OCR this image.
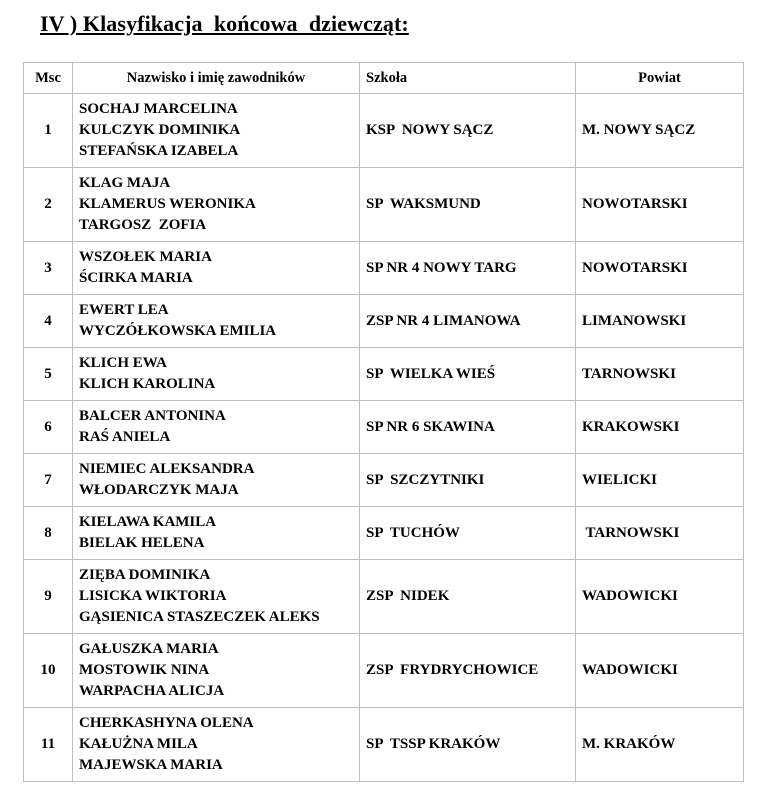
IV ) Klasyfikacja  końcowa  dziewcząt:
Msc	Nazwisko i imię zawodników	Szkoła	Powiat
1	SOCHAJ MARCELINA
KULCZYK DOMINIKA
STEFAŃSKA IZABELA	KSP  NOWY SĄCZ	M. NOWY SĄCZ
2	KLAG MAJA
KLAMERUS WERONIKA
TARGOSZ  ZOFIA	SP  WAKSMUND	NOWOTARSKI
3	WSZOŁEK MARIA
ŚCIRKA MARIA	SP NR 4 NOWY TARG	NOWOTARSKI
4	EWERT LEA
WYCZÓŁKOWSKA EMILIA	ZSP NR 4 LIMANOWA	LIMANOWSKI
5	KLICH EWA
KLICH KAROLINA	SP  WIELKA WIEŚ	TARNOWSKI
6	BALCER ANTONINA
RAŚ ANIELA	SP NR 6 SKAWINA	KRAKOWSKI
7	NIEMIEC ALEKSANDRA
WŁODARCZYK MAJA	SP  SZCZYTNIKI	WIELICKI
8	KIELAWA KAMILA
BIELAK HELENA	SP  TUCHÓW	TARNOWSKI
9	ZIĘBA DOMINIKA
LISICKA WIKTORIA
GĄSIENICA STASZECZEK ALEKS	ZSP  NIDEK	WADOWICKI
10	GAŁUSZKA MARIA
MOSTOWIK NINA
WARPACHA ALICJA	ZSP  FRYDRYCHOWICE	WADOWICKI
11	CHERKASHYNA OLENA
KAŁUŻNA MILA
MAJEWSKA MARIA	SP  TSSP KRAKÓW	M. KRAKÓW
